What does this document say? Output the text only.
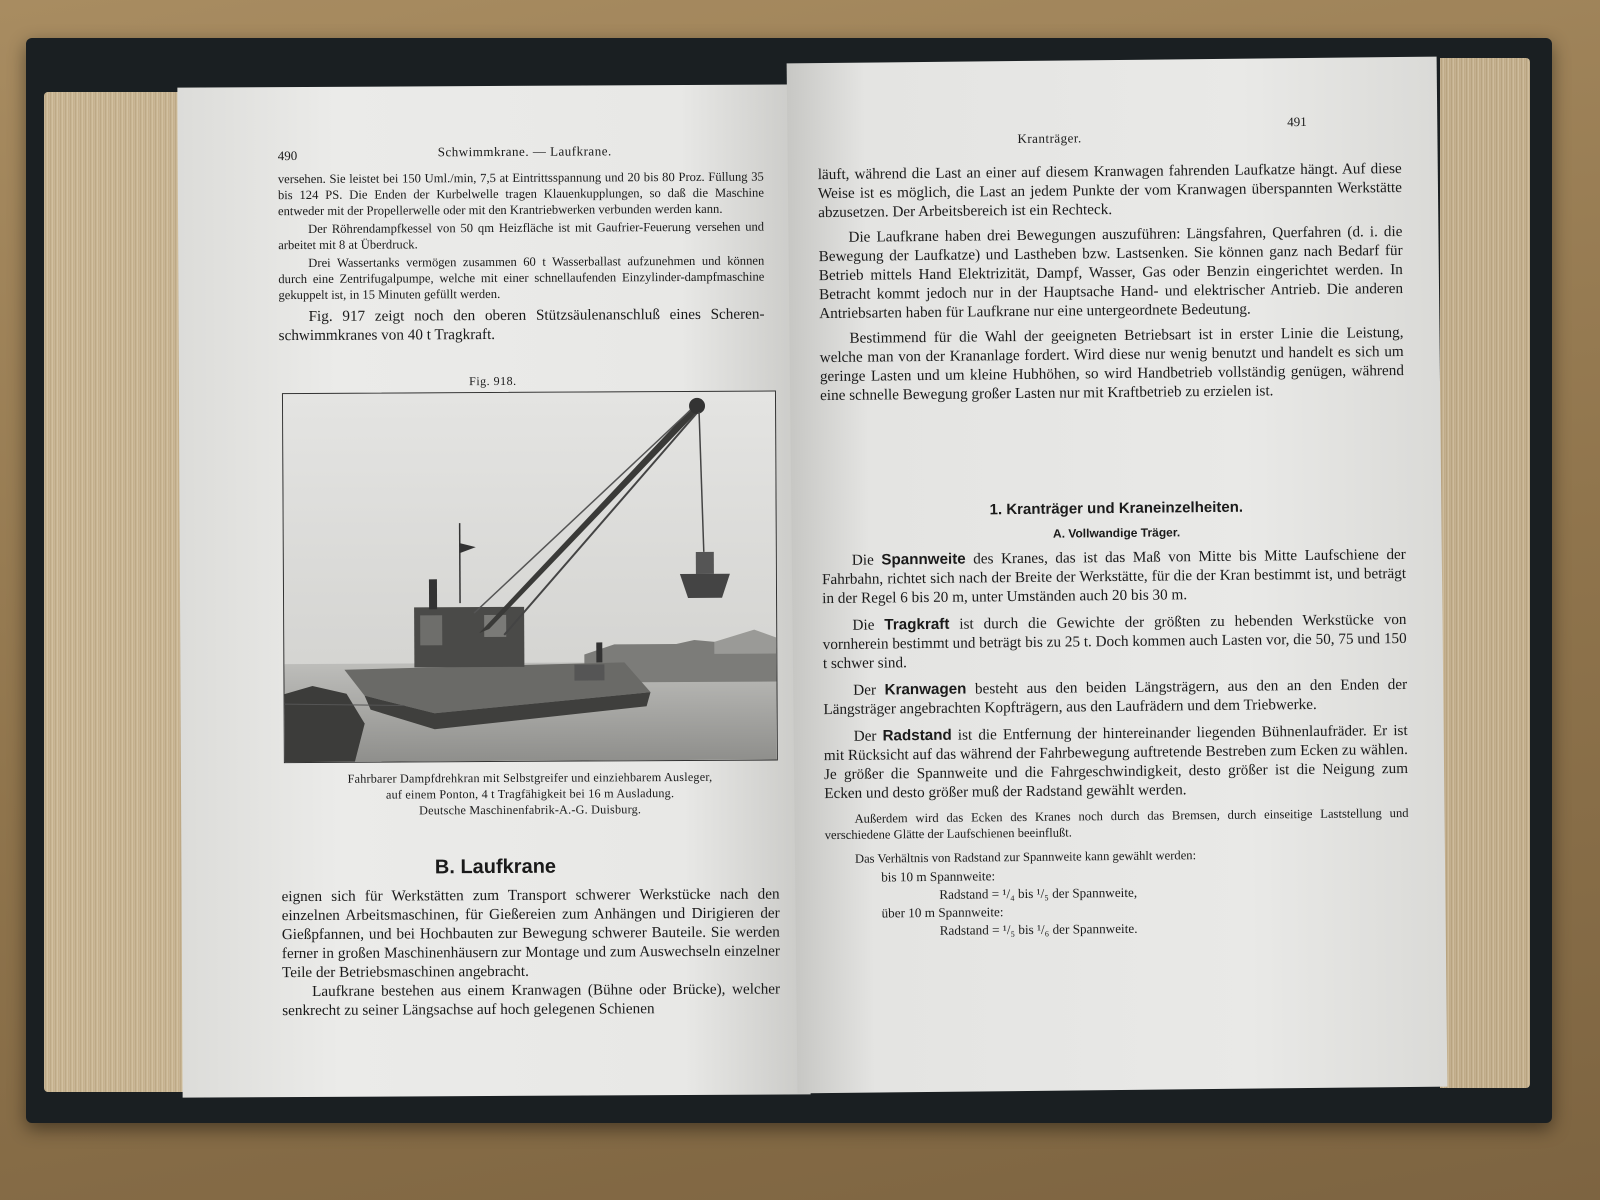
490	Schwimmkrane. — Laufkrane.

versehen. Sie leistet bei 150 Uml./min, 7,5 at Eintrittsspannung und 20 bis 80 Proz. Füllung 35 bis 124 PS. Die Enden der Kurbelwelle tragen Klauenkupplungen, so daß die Maschine entweder mit der Propellerwelle oder mit den Krantriebwerken verbunden werden kann.

Der Röhrendampfkessel von 50 qm Heizfläche ist mit Gaufrier-Feuerung versehen und arbeitet mit 8 at Überdruck.

Drei Wassertanks vermögen zusammen 60 t Wasserballast aufzunehmen und können durch eine Zentrifugalpumpe, welche mit einer schnellaufenden Einzylinder-dampfmaschine gekuppelt ist, in 15 Minuten gefüllt werden.

Fig. 917 zeigt noch den oberen Stützsäulenanschluß eines Scheren-schwimmkranes von 40 t Tragkraft.

Fig. 918.
Fahrbarer Dampfdrehkran mit Selbstgreifer und einziehbarem Ausleger,
auf einem Ponton, 4 t Tragfähigkeit bei 16 m Ausladung.
Deutsche Maschinenfabrik-A.-G. Duisburg.
B. Laufkrane

eignen sich für Werkstätten zum Transport schwerer Werkstücke nach den einzelnen Arbeitsmaschinen, für Gießereien zum Anhängen und Dirigieren der Gießpfannen, und bei Hochbauten zur Bewegung schwerer Bauteile. Sie werden ferner in großen Maschinenhäusern zur Montage und zum Auswechseln einzelner Teile der Betriebsmaschinen angebracht.

Laufkrane bestehen aus einem Kranwagen (Bühne oder Brücke), welcher senkrecht zu seiner Längsachse auf hoch gelegenen Schienen

Kranträger.
491

läuft, während die Last an einer auf diesem Kranwagen fahrenden Laufkatze hängt. Auf diese Weise ist es möglich, die Last an jedem Punkte der vom Kranwagen überspannten Werkstätte abzusetzen. Der Arbeitsbereich ist ein Rechteck.

Die Laufkrane haben drei Bewegungen auszuführen: Längsfahren, Querfahren (d. i. die Bewegung der Laufkatze) und Lastheben bzw. Lastsenken. Sie können ganz nach Bedarf für Betrieb mittels Hand Elektrizität, Dampf, Wasser, Gas oder Benzin eingerichtet werden. In Betracht kommt jedoch nur in der Hauptsache Hand- und elektrischer Antrieb. Die anderen Antriebsarten haben für Laufkrane nur eine untergeordnete Bedeutung.

Bestimmend für die Wahl der geeigneten Betriebsart ist in erster Linie die Leistung, welche man von der Krananlage fordert. Wird diese nur wenig benutzt und handelt es sich um geringe Lasten und um kleine Hubhöhen, so wird Handbetrieb vollständig genügen, während eine schnelle Bewegung großer Lasten nur mit Kraftbetrieb zu erzielen ist.

1. Kranträger und Kraneinzelheiten.
A. Vollwandige Träger.

Die Spannweite des Kranes, das ist das Maß von Mitte bis Mitte Laufschiene der Fahrbahn, richtet sich nach der Breite der Werkstätte, für die der Kran bestimmt ist, und beträgt in der Regel 6 bis 20 m, unter Umständen auch 20 bis 30 m.

Die Tragkraft ist durch die Gewichte der größten zu hebenden Werkstücke von vornherein bestimmt und beträgt bis zu 25 t. Doch kommen auch Lasten vor, die 50, 75 und 150 t schwer sind.

Der Kranwagen besteht aus den beiden Längsträgern, aus den an den Enden der Längsträger angebrachten Kopfträgern, aus den Laufrädern und dem Triebwerke.

Der Radstand ist die Entfernung der hintereinander liegenden Bühnenlaufräder. Er ist mit Rücksicht auf das während der Fahrbewegung auftretende Bestreben zum Ecken zu wählen. Je größer die Spannweite und die Fahrgeschwindigkeit, desto größer ist die Neigung zum Ecken und desto größer muß der Radstand gewählt werden.

Außerdem wird das Ecken des Kranes noch durch das Bremsen, durch einseitige Laststellung und verschiedene Glätte der Laufschienen beeinflußt.

Das Verhältnis von Radstand zur Spannweite kann gewählt werden:

bis 10 m Spannweite:
Radstand = ¹/₄ bis ¹/₅ der Spannweite,
über 10 m Spannweite:
Radstand = ¹/₅ bis ¹/₆ der Spannweite.
